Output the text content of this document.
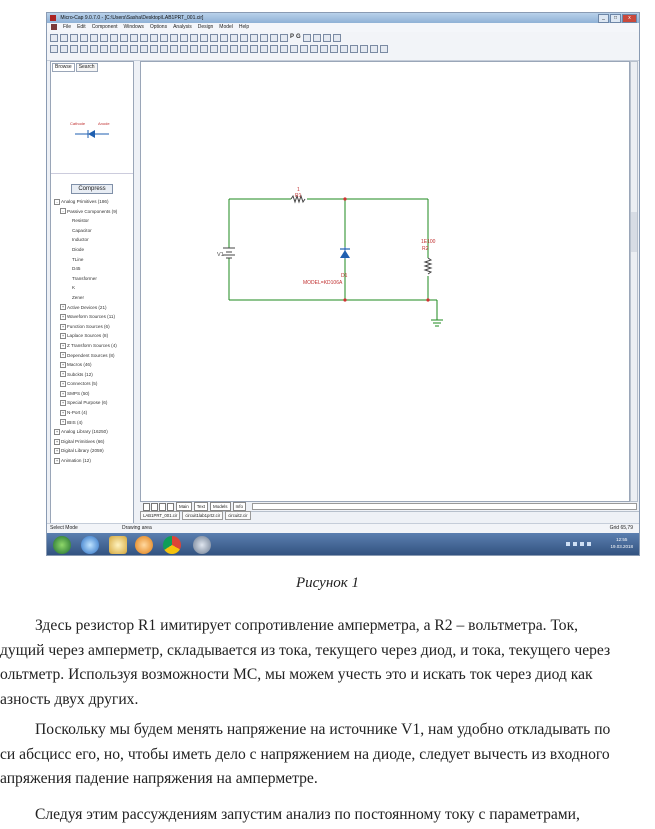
Micro-Cap 9.0.7.0 - [C:\Users\Sasha\Desktop\LAB1PRT_001.cir]	_	□	x
File Edit Component Windows Options Analysis Design Model Help
P G
Browse	Search
Cathode	Anode
Compress
- Analog Primitives (186)
- Passive Components (9)
Resistor
Capacitor
Inductor
Diode
TLine
D45
Transformer
K
Zener
+ Active Devices (21)
+ Waveform Sources (11)
+ Function Sources (6)
+ Laplace Sources (8)
+ Z Transform Sources (4)
+ Dependent Sources (8)
+ Macros (46)
+ Subckts (12)
+ Connectors (5)
+ SMPS (50)
+ Special Purpose (6)
+ N-Port (4)
+ IBIS (4)
+ Analog Library (16250)
+ Digital Primitives (66)
+ Digital Library (2059)
+ Animation (12)
1
R1
V1
D1
MODEL=KD106A
1E100
R2
Main	Text	Models	Info
LAB1PRT_001.cir	circuit1lab1prt2.cir	circuit2.cir
Select Mode	Drawing area	Grid 65,79
12:55
19.03.2018
Рисунок 1
Здесь резистор R1 имитирует сопротивление амперметра, а R2 – вольтметра. Ток,
дущий через амперметр, складывается из тока, текущего через диод, и тока, текущего через
ольтметр. Используя возможности МС, мы можем учесть это и искать ток через диод как
азность двух других.
Поскольку мы будем менять напряжение на источнике V1, нам удобно откладывать по
си абсцисс его, но, чтобы иметь дело с напряжением на диоде, следует вычесть из входного
апряжения падение напряжения на амперметре.
Следуя этим рассуждениям запустим анализ по постоянному току с параметрами,
